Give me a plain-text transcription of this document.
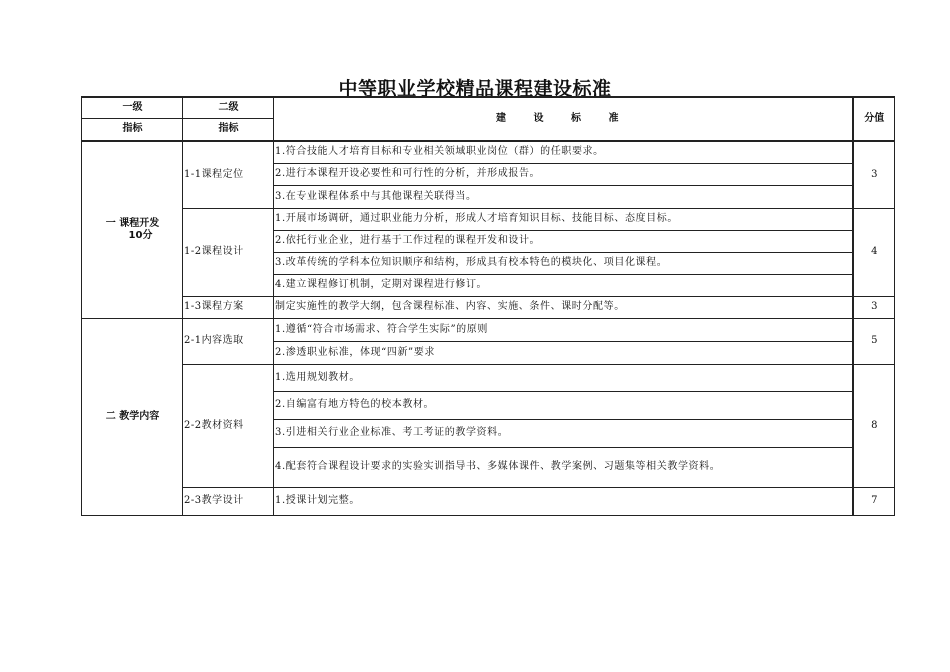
中等职业学校精品课程建设标准
一级	二级	建 设 标 准	分值
指标	指标		

一 课程开发
10分	1-1课程定位	1.符合技能人才培育目标和专业相关领域职业岗位（群）的任职要求。	3
		2.进行本课程开设必要性和可行性的分析，并形成报告。	
		3.在专业课程体系中与其他课程关联得当。	
	1-2课程设计	1.开展市场调研，通过职业能力分析，形成人才培育知识目标、技能目标、态度目标。	4
		2.依托行业企业，进行基于工作过程的课程开发和设计。	
		3.改革传统的学科本位知识顺序和结构，形成具有校本特色的模块化、项目化课程。	
		4.建立课程修订机制，定期对课程进行修订。	
	1-3课程方案	制定实施性的教学大纲，包含课程标准、内容、实施、条件、课时分配等。	3
二 教学内容	2-1内容选取	1.遵循“符合市场需求、符合学生实际”的原则	5
		2.渗透职业标准，体现“四新”要求	
	2-2教材资料	1.选用规划教材。	8
		2.自编富有地方特色的校本教材。	
		3.引进相关行业企业标准、考工考证的教学资料。	
		4.配套符合课程设计要求的实验实训指导书、多媒体课件、教学案例、习题集等相关教学资料。	
	2-3教学设计	1.授课计划完整。	7
